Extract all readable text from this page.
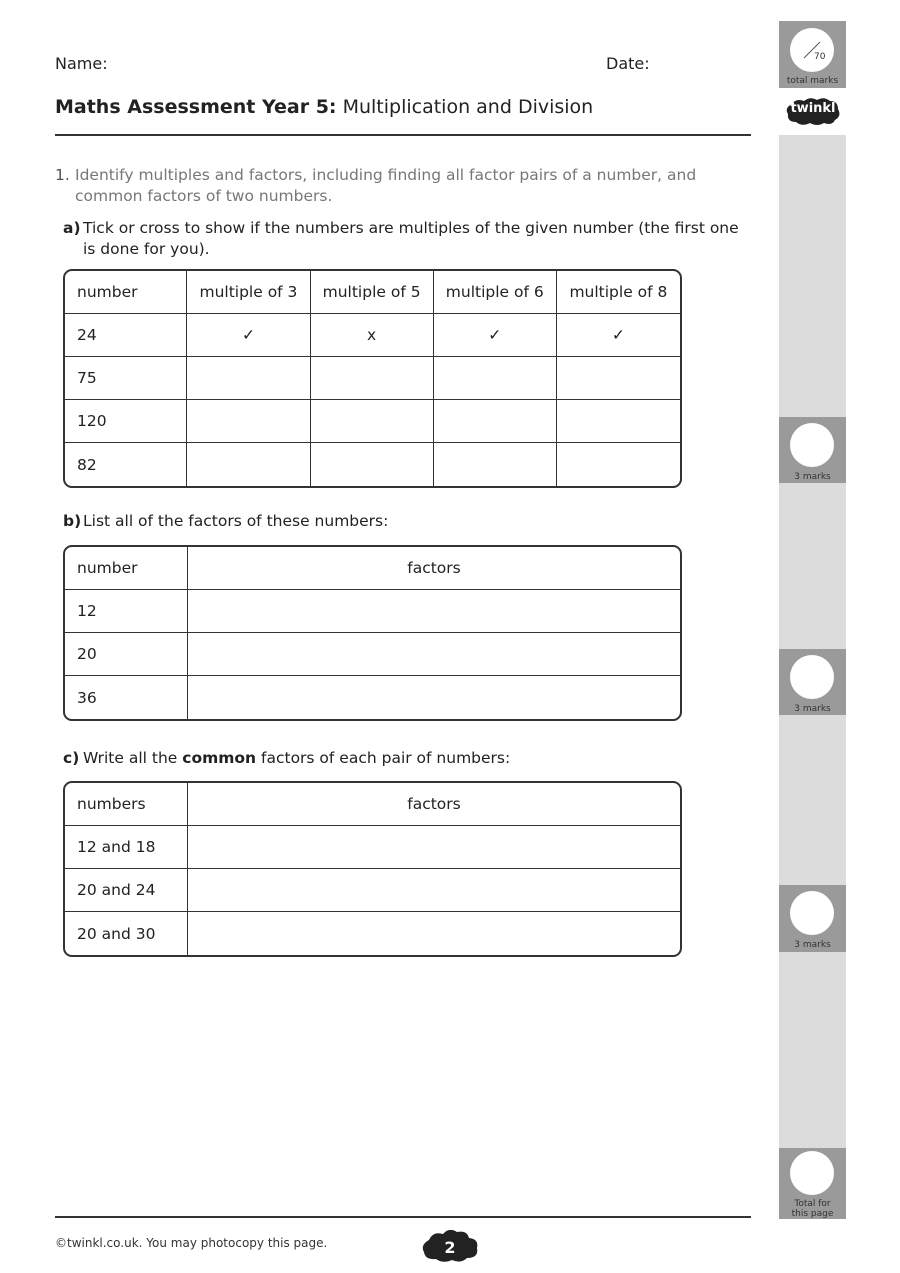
Name:	Date:
Maths Assessment Year 5: Multiplication and Division
1. Identify multiples and factors, including finding all factor pairs of a number, and common factors of two numbers.
a) Tick or cross to show if the numbers are multiples of the given number (the first one is done for you).
number	multiple of 3	multiple of 5	multiple of 6	multiple of 8
24	✓	x	✓	✓
75				
120				
82				
b) List all of the factors of these numbers:
number	factors
12	
20	
36	
c) Write all the common factors of each pair of numbers:
numbers	factors
12 and 18	
20 and 24	
20 and 30	
70
total marks
twinkl
3 marks
3 marks
3 marks
Total for
this page
©twinkl.co.uk. You may photocopy this page.	2
